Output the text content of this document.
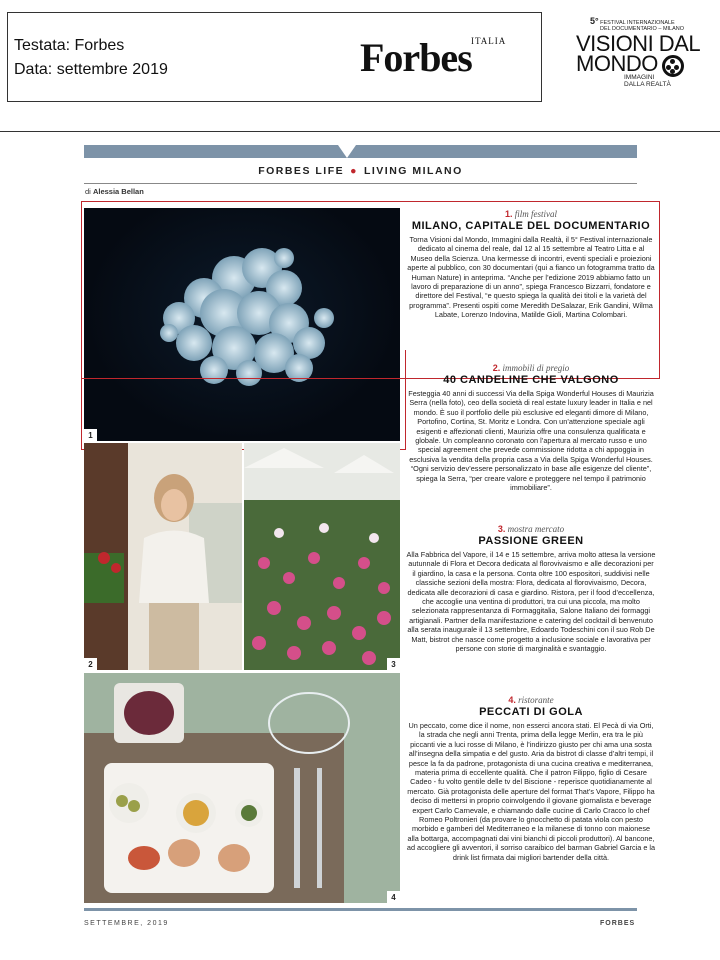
Testata: Forbes
Data: settembre 2019	Forbes ITALIA
5° FESTIVAL INTERNAZIONALE
DEL DOCUMENTARIO – MILANO
VISIONI DAL
MONDO
IMMAGINI
DALLA REALTÀ
FORBES LIFE ● LIVING MILANO
di Alessia Bellan
1
2	3
4
1. film festival
MILANO, CAPITALE DEL DOCUMENTARIO
Torna Visioni dal Mondo, Immagini dalla Realtà, il 5° Festival internazionale dedicato al cinema del reale, dal 12 al 15 settembre al Teatro Litta e al Museo della Scienza. Una kermesse di incontri, eventi speciali e proiezioni aperte al pubblico, con 30 documentari (qui a fianco un fotogramma tratto da Human Nature) in anteprima. “Anche per l’edizione 2019 abbiamo fatto un lavoro di preparazione di un anno”, spiega Francesco Bizzarri, fondatore e direttore del Festival, “e questo spiega la qualità dei titoli e la varietà del programma”. Presenti ospiti come Meredith DeSalazar, Erik Gandini, Wilma Labate, Lorenzo Indovina, Matilde Gioli, Martina Colombari.
2. immobili di pregio
40 CANDELINE CHE VALGONO
Festeggia 40 anni di successi Via della Spiga Wonderful Houses di Maurizia Serra (nella foto), ceo della società di real estate luxury leader in Italia e nel mondo. È suo il portfolio delle più esclusive ed eleganti dimore di Milano, Portofino, Cortina, St. Moritz e Londra. Con un’attenzione speciale agli esigenti e affezionati clienti, Maurizia offre una consulenza qualificata e globale. Un compleanno coronato con l’apertura al mercato russo e uno special agreement che prevede commissione ridotta a chi appoggia in esclusiva la vendita della propria casa a Via della Spiga Wonderful Houses. “Ogni servizio dev’essere personalizzato in base alle esigenze del cliente”, spiega la Serra, “per creare valore e proteggere nel tempo il patrimonio immobiliare”.
3. mostra mercato
PASSIONE GREEN
Alla Fabbrica del Vapore, il 14 e 15 settembre, arriva molto attesa la versione autunnale di Flora et Decora dedicata al florovivaismo e alle decorazioni per il giardino, la casa e la persona. Conta oltre 100 espositori, suddivisi nelle classiche sezioni della mostra: Flora, dedicata al florovivaismo, Decora, dedicata alle decorazioni di casa e giardino. Ristora, per il food d’eccellenza, che accoglie una ventina di produttori, tra cui una piccola, ma molto selezionata rappresentanza di Formaggitalia, Salone Italiano dei formaggi artigianali. Partner della manifestazione e catering del cocktail di benvenuto alla serata inaugurale il 13 settembre, Edoardo Todeschini con il suo Rob De Matt, bistrot che nasce come progetto a inclusione sociale e lavorativa per persone con storie di marginalità e svantaggio.
4. ristorante
PECCATI DI GOLA
Un peccato, come dice il nome, non esserci ancora stati. El Pecà di via Orti, la strada che negli anni Trenta, prima della legge Merlin, era tra le più piccanti vie a luci rosse di Milano, è l’indirizzo giusto per chi ama una sosta all’insegna della simpatia e del gusto. Aria da bistrot di classe d’altri tempi, il pesce la fa da padrone, protagonista di una cucina creativa e mediterranea, materia prima di eccellente qualità. Che il patron Filippo, figlio di Cesare Cadeo - fu volto gentile delle tv del Biscione - reperisce quotidianamente al mercato. Già protagonista delle aperture del format That’s Vapore, Filippo ha deciso di mettersi in proprio coinvolgendo il giovane giornalista e beverage expert Carlo Carnevale, e chiamando dalle cucine di Carlo Cracco lo chef Romeo Poltronieri (da provare lo gnocchetto di patata viola con pesto morbido e gamberi del Mediterraneo e la milanese di tonno con maionese alla bottarga, accompagnati dai vini bianchi di piccoli produttori). Al bancone, ad accogliere gli avventori, il sorriso caraibico del barman Gabriel Garcia e la drink list firmata dai migliori bartender della città.
SETTEMBRE, 2019	FORBES
